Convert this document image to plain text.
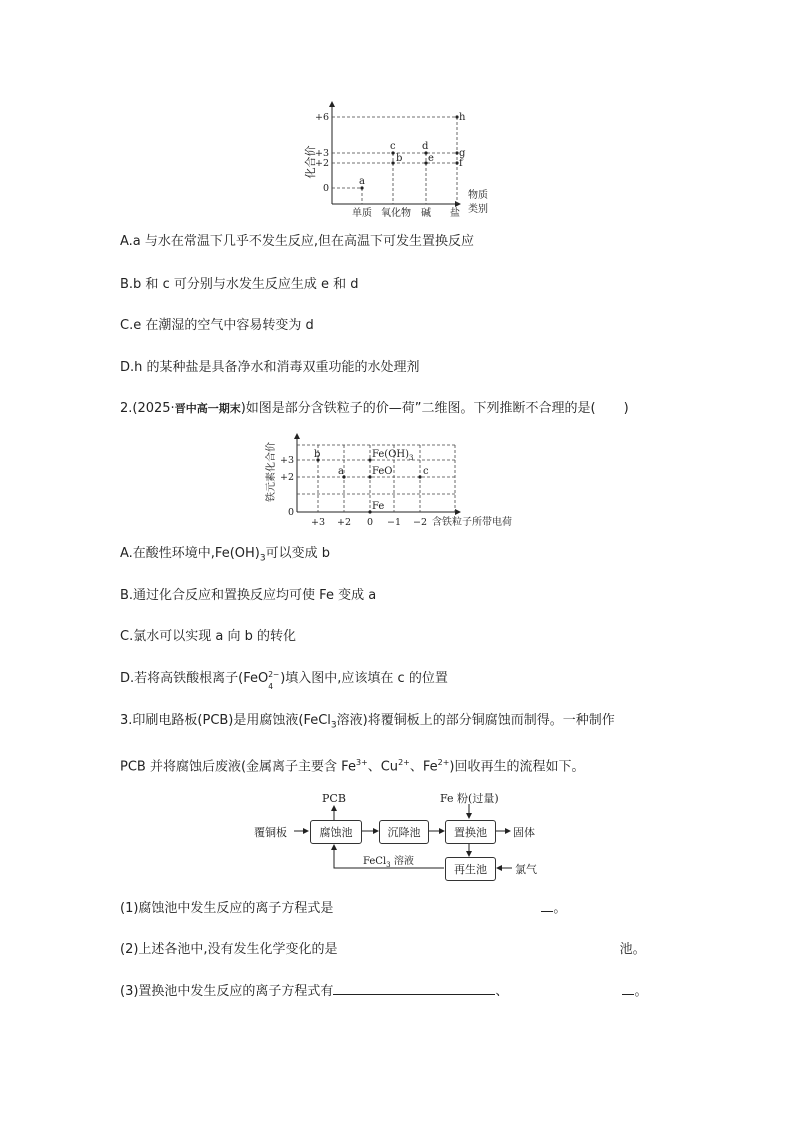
a
b
c	d
e	f
g
h
+6
+3
+2
0
化合价
单质 氧化物 碱 盐
物质
类别
A.a 与水在常温下几乎不发生反应,但在高温下可发生置换反应
B.b 和 c 可分别与水发生反应生成 e 和 d
C.e 在潮湿的空气中容易转变为 d
D.h 的某种盐是具备净水和消毒双重功能的水处理剂
2.(2025·晋中高一期末)如图是部分含铁粒子的价—荷”二维图。下列推断不合理的是( )
b
a	c
$Fe(OH)_3$
FeO
Fe
+3
+2
0
铁元素化合价
+3 +2 0 −1 −2 含铁粒子所带电荷
A.在酸性环境中$,Fe(OH)_3$可以变成 b
B.通过化合反应和置换反应均可使 Fe 变成 a
C.氯水可以实现 a 向 b 的转化
D.若将高铁酸根离子(FeO 2−
4
)填入图中,应该填在 c 的位置
3.印刷电路板(PCB)是用腐蚀液(FeCl$_3$溶液)将覆铜板上的部分铜腐蚀而制得。一种制作
PCB 并将腐蚀后废液(金属离子主要含 $Fe^{3+}$、$Cu^{2+}$、$Fe^{2+}$)回收再生的流程如下。
覆铜板
PCB	Fe 粉(过量)
腐蚀池	沉降池	置换池
再生池
固体
氯气
FeCl$_3$ 溶液
(1)腐蚀池中发生反应的离子方程式是	。
(2)上述各池中,没有发生化学变化的是	池。
(3)置换池中发生反应的离子方程式有	、	。
